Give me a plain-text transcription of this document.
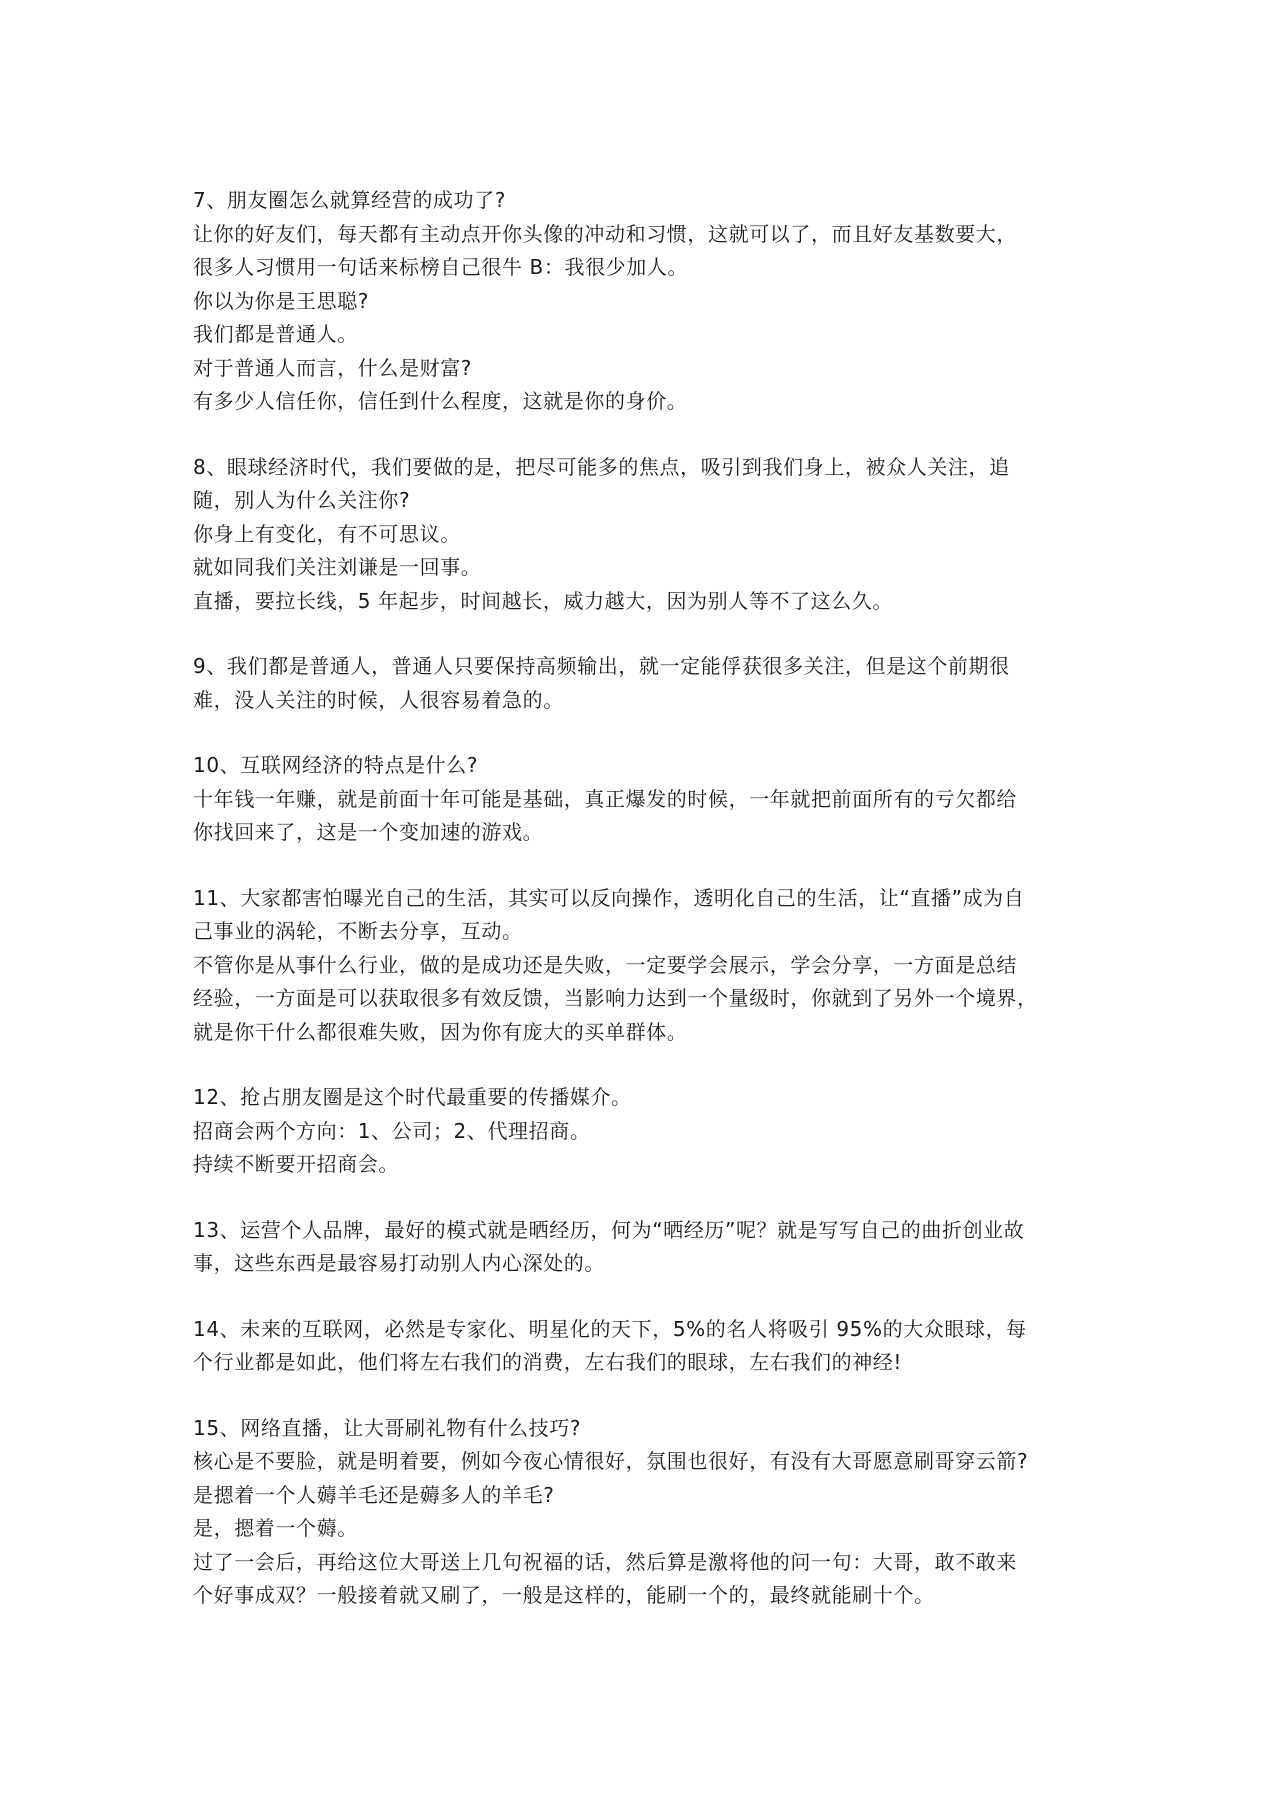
7、朋友圈怎么就算经营的成功了?
让你的好友们，每天都有主动点开你头像的冲动和习惯，这就可以了，而且好友基数要大，
很多人习惯用一句话来标榜自己很牛 B：我很少加人。
你以为你是王思聪?
我们都是普通人。
对于普通人而言，什么是财富?
有多少人信任你，信任到什么程度，这就是你的身价。
8、眼球经济时代，我们要做的是，把尽可能多的焦点，吸引到我们身上，被众人关注，追
随，别人为什么关注你?
你身上有变化，有不可思议。
就如同我们关注刘谦是一回事。
直播，要拉长线，5 年起步，时间越长，威力越大，因为别人等不了这么久。
9、我们都是普通人，普通人只要保持高频输出，就一定能俘获很多关注，但是这个前期很
难，没人关注的时候，人很容易着急的。
10、互联网经济的特点是什么?
十年钱一年赚，就是前面十年可能是基础，真正爆发的时候，一年就把前面所有的亏欠都给
你找回来了，这是一个变加速的游戏。
11、大家都害怕曝光自己的生活，其实可以反向操作，透明化自己的生活，让“直播”成为自
己事业的涡轮，不断去分享，互动。
不管你是从事什么行业，做的是成功还是失败，一定要学会展示，学会分享，一方面是总结
经验，一方面是可以获取很多有效反馈，当影响力达到一个量级时，你就到了另外一个境界，
就是你干什么都很难失败，因为你有庞大的买单群体。
12、抢占朋友圈是这个时代最重要的传播媒介。
招商会两个方向：1、公司；2、代理招商。
持续不断要开招商会。
13、运营个人品牌，最好的模式就是晒经历，何为“晒经历”呢？就是写写自己的曲折创业故
事，这些东西是最容易打动别人内心深处的。
14、未来的互联网，必然是专家化、明星化的天下，5%的名人将吸引 95%的大众眼球，每
个行业都是如此，他们将左右我们的消费，左右我们的眼球，左右我们的神经!
15、网络直播，让大哥刷礼物有什么技巧?
核心是不要脸，就是明着要，例如今夜心情很好，氛围也很好，有没有大哥愿意刷哥穿云箭?
是摁着一个人薅羊毛还是薅多人的羊毛?
是，摁着一个薅。
过了一会后，再给这位大哥送上几句祝福的话，然后算是激将他的问一句：大哥，敢不敢来
个好事成双？一般接着就又刷了，一般是这样的，能刷一个的，最终就能刷十个。
